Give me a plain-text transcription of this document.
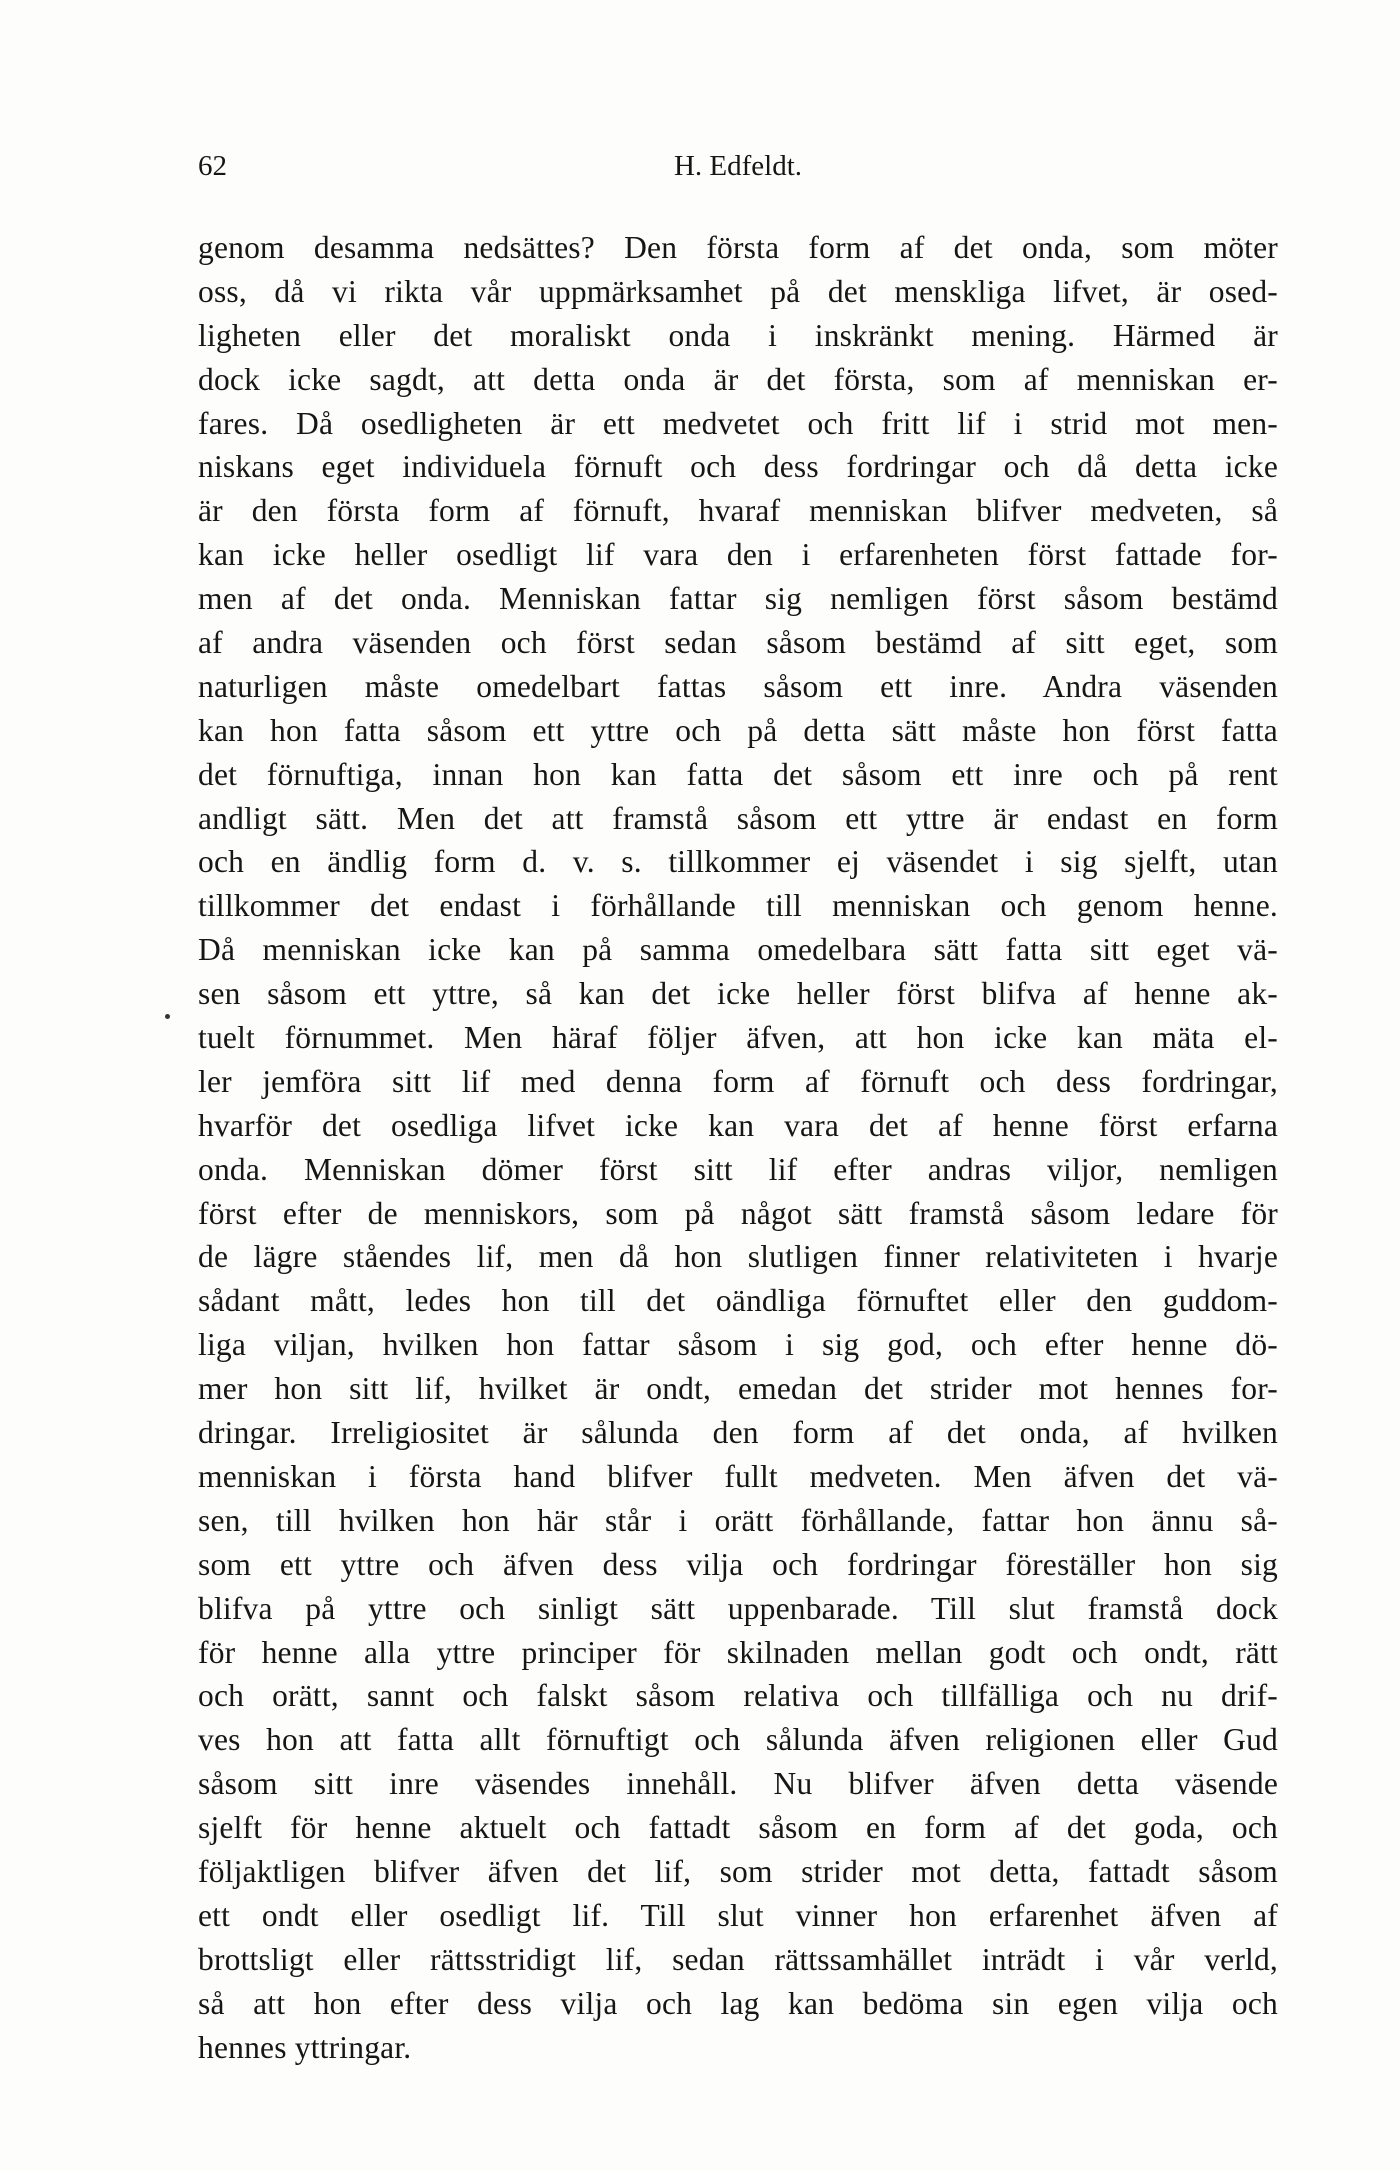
62	H. Edfeldt.
genom desamma nedsättes? Den första form af det onda, som möter
oss, då vi rikta vår uppmärksamhet på det menskliga lifvet, är osed-
ligheten eller det moraliskt onda i inskränkt mening. Härmed är
dock icke sagdt, att detta onda är det första, som af menniskan er-
fares. Då osedligheten är ett medvetet och fritt lif i strid mot men-
niskans eget individuela förnuft och dess fordringar och då detta icke
är den första form af förnuft, hvaraf menniskan blifver medveten, så
kan icke heller osedligt lif vara den i erfarenheten först fattade for-
men af det onda. Menniskan fattar sig nemligen först såsom bestämd
af andra väsenden och först sedan såsom bestämd af sitt eget, som
naturligen måste omedelbart fattas såsom ett inre. Andra väsenden
kan hon fatta såsom ett yttre och på detta sätt måste hon först fatta
det förnuftiga, innan hon kan fatta det såsom ett inre och på rent
andligt sätt. Men det att framstå såsom ett yttre är endast en form
och en ändlig form d. v. s. tillkommer ej väsendet i sig sjelft, utan
tillkommer det endast i förhållande till menniskan och genom henne.
Då menniskan icke kan på samma omedelbara sätt fatta sitt eget vä-
sen såsom ett yttre, så kan det icke heller först blifva af henne ak-
tuelt förnummet. Men häraf följer äfven, att hon icke kan mäta el-
ler jemföra sitt lif med denna form af förnuft och dess fordringar,
hvarför det osedliga lifvet icke kan vara det af henne först erfarna
onda. Menniskan dömer först sitt lif efter andras viljor, nemligen
först efter de menniskors, som på något sätt framstå såsom ledare för
de lägre ståendes lif, men då hon slutligen finner relativiteten i hvarje
sådant mått, ledes hon till det oändliga förnuftet eller den guddom-
liga viljan, hvilken hon fattar såsom i sig god, och efter henne dö-
mer hon sitt lif, hvilket är ondt, emedan det strider mot hennes for-
dringar. Irreligiositet är sålunda den form af det onda, af hvilken
menniskan i första hand blifver fullt medveten. Men äfven det vä-
sen, till hvilken hon här står i orätt förhållande, fattar hon ännu så-
som ett yttre och äfven dess vilja och fordringar föreställer hon sig
blifva på yttre och sinligt sätt uppenbarade. Till slut framstå dock
för henne alla yttre principer för skilnaden mellan godt och ondt, rätt
och orätt, sannt och falskt såsom relativa och tillfälliga och nu drif-
ves hon att fatta allt förnuftigt och sålunda äfven religionen eller Gud
såsom sitt inre väsendes innehåll. Nu blifver äfven detta väsende
sjelft för henne aktuelt och fattadt såsom en form af det goda, och
följaktligen blifver äfven det lif, som strider mot detta, fattadt såsom
ett ondt eller osedligt lif. Till slut vinner hon erfarenhet äfven af
brottsligt eller rättsstridigt lif, sedan rättssamhället inträdt i vår verld,
så att hon efter dess vilja och lag kan bedöma sin egen vilja och
hennes yttringar.
